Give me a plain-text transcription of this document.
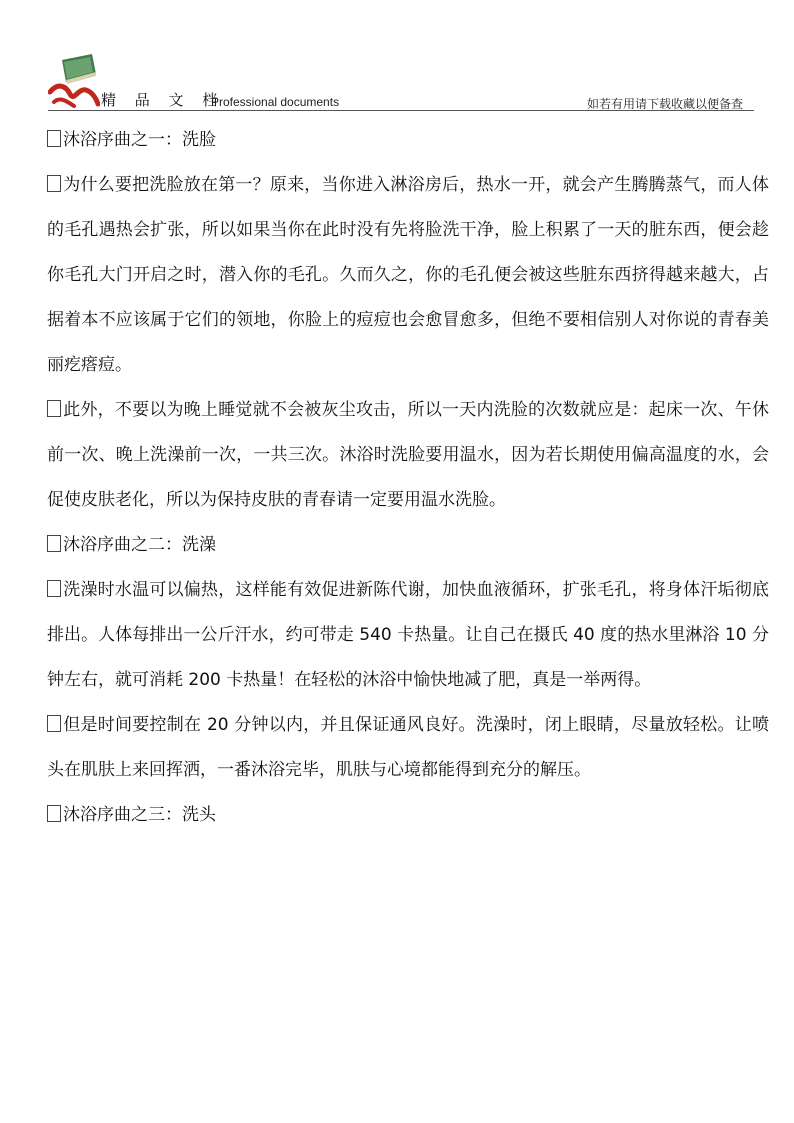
精 品 文 档
Professional documents	如若有用请下载收藏以便备查

沐浴序曲之一：洗脸

为什么要把洗脸放在第一？原来，当你进入淋浴房后，热水一开，就会产生腾腾蒸气，而人体的毛孔遇热会扩张，所以如果当你在此时没有先将脸洗干净，脸上积累了一天的脏东西，便会趁你毛孔大门开启之时，潜入你的毛孔。久而久之，你的毛孔便会被这些脏东西挤得越来越大，占据着本不应该属于它们的领地，你脸上的痘痘也会愈冒愈多，但绝不要相信别人对你说的青春美丽疙瘩痘。

此外，不要以为晚上睡觉就不会被灰尘攻击，所以一天内洗脸的次数就应是：起床一次、午休前一次、晚上洗澡前一次，一共三次。沐浴时洗脸要用温水，因为若长期使用偏高温度的水，会促使皮肤老化，所以为保持皮肤的青春请一定要用温水洗脸。

沐浴序曲之二：洗澡

洗澡时水温可以偏热，这样能有效促进新陈代谢，加快血液循环，扩张毛孔，将身体汗垢彻底排出。人体每排出一公斤汗水，约可带走 540 卡热量。让自己在摄氏 40 度的热水里淋浴 10 分钟左右，就可消耗 200 卡热量！在轻松的沐浴中愉快地减了肥，真是一举两得。

但是时间要控制在 20 分钟以内，并且保证通风良好。洗澡时，闭上眼睛，尽量放轻松。让喷头在肌肤上来回挥洒，一番沐浴完毕，肌肤与心境都能得到充分的解压。

沐浴序曲之三：洗头
